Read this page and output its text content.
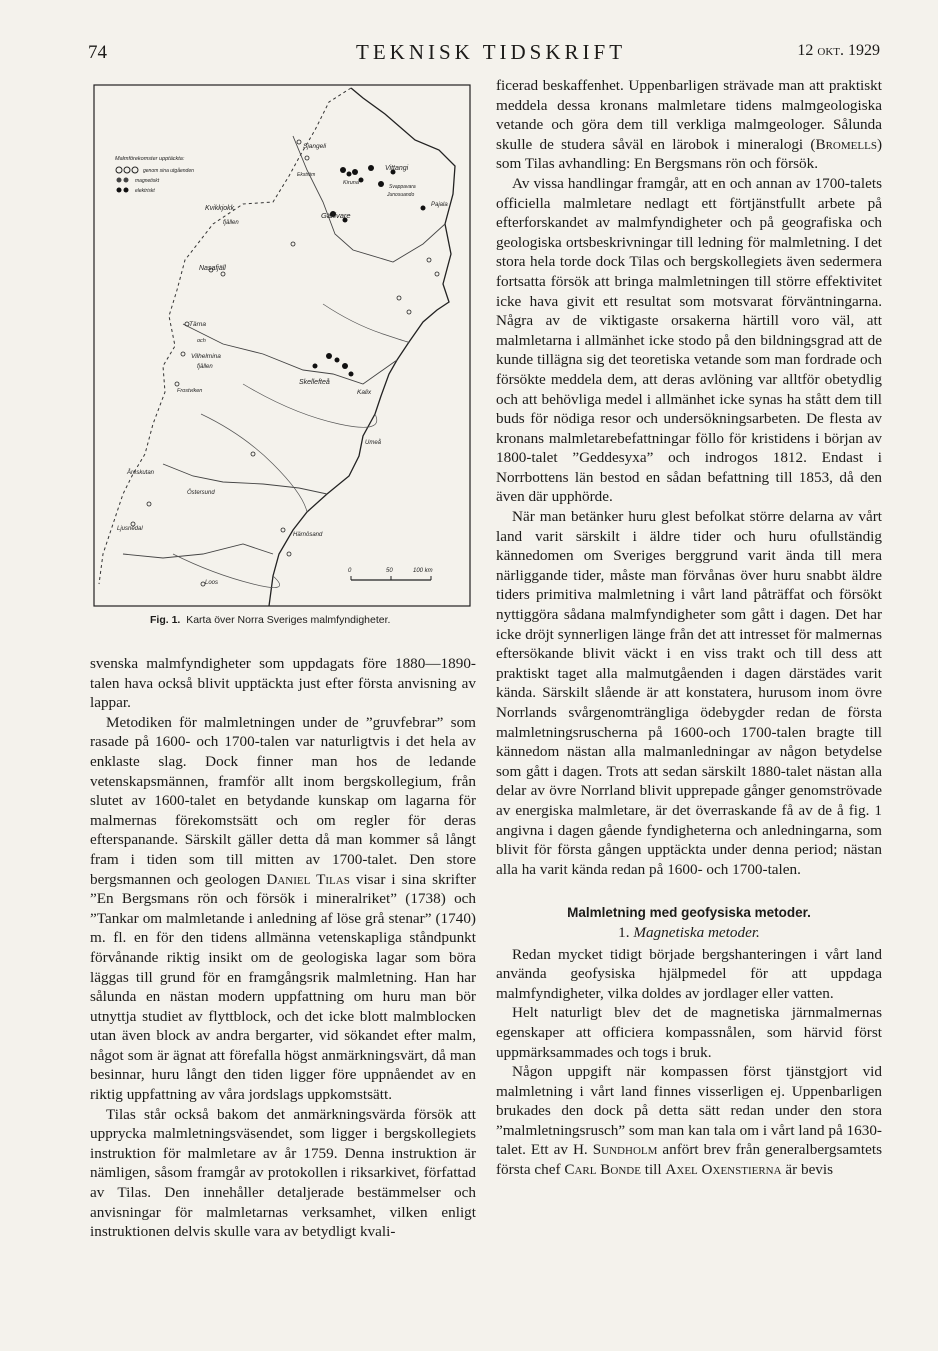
74	TEKNISK TIDSKRIFT	12 okt. 1929
Malmförekomster upptäckta:
genom sina utgåenden
magnetiskt
elektriskt
Sjangeli
Kiruna
Vittangi
Svappavara
Junosuando
Pajala
Ekström
Gällivare
Kvikkjokk
fjällen
Nasafjäll
Tärna
och
Vilhelmina
fjällen
Frostviken
Skellefteå
Kalix
Umeå
Åreskutan
Östersund
Ljusnedal
Härnösand
Loos
0	50	100 km
Fig. 1. Karta över Norra Sveriges malmfyndigheter.

svenska malmfyndigheter som uppdagats före 1880—1890-talen hava också blivit upptäckta just efter första anvisning av lappar.

Metodiken för malmletningen under de ”gruvfebrar” som rasade på 1600- och 1700-talen var naturligtvis i det hela av enklaste slag. Dock finner man hos de ledande vetenskapsmännen, framför allt inom bergskollegium, från slutet av 1600-talet en betydande kunskap om lagarna för malmernas förekomstsätt och om regler för deras efterspanande. Särskilt gäller detta då man kommer så långt fram i tiden som till mitten av 1700-talet. Den store bergsmannen och geologen Daniel Tilas visar i sina skrifter ”En Bergsmans rön och försök i mineralriket” (1738) och ”Tankar om malmletande i anledning af löse grå stenar” (1740) m. fl. en för den tidens allmänna vetenskapliga ståndpunkt förvånande riktig insikt om de geologiska lagar som böra läggas till grund för en framgångsrik malmletning. Han har sålunda en nästan modern uppfattning om huru man bör utnyttja studiet av flyttblock, och det icke blott malmblocken utan även block av andra bergarter, vid sökandet efter malm, något som är ägnat att förefalla högst anmärkningsvärt, då man besinnar, huru långt den tiden ligger före uppnåendet av en riktig uppfattning av våra jordslags uppkomstsätt.

Tilas står också bakom det anmärkningsvärda försök att upprycka malmletningsväsendet, som ligger i bergskollegiets instruktion för malmletare av år 1759. Denna instruktion är nämligen, såsom framgår av protokollen i riksarkivet, författad av Tilas. Den innehåller detaljerade bestämmelser och anvisningar för malmletarnas verksamhet, vilken enligt instruktionen delvis skulle vara av betydligt kvali-

ficerad beskaffenhet. Uppenbarligen strävade man att praktiskt meddela dessa kronans malmletare tidens malmgeologiska vetande och göra dem till verkliga malmgeologer. Sålunda skulle de studera såväl en lärobok i mineralogi (Bromells) som Tilas avhandling: En Bergsmans rön och försök.

Av vissa handlingar framgår, att en och annan av 1700-talets officiella malmletare nedlagt ett förtjänstfullt arbete på efterforskandet av malmfyndigheter och på geografiska och geologiska ortsbeskrivningar till ledning för malmletning. I det stora hela torde dock Tilas och bergskollegiets även sedermera fortsatta försök att bringa malmletningen till större effektivitet icke hava givit ett resultat som motsvarat förväntningarna. Några av de viktigaste orsakerna härtill voro väl, att malmletarna i allmänhet icke stodo på den bildningsgrad att de kunde tillägna sig det teoretiska vetande som man fordrade och försökte meddela dem, att deras avlöning var alltför obetydlig och att behövliga medel i allmänhet icke synas ha stått dem till buds för nödiga resor och undersökningsarbeten. De flesta av kronans malmletarebefattningar föllo för kristidens i början av 1800-talet ”Geddesyxa” och indrogos 1812. Endast i Norrbottens län bestod en sådan befattning till 1853, då den även där upphörde.

När man betänker huru glest befolkat större delarna av vårt land varit särskilt i äldre tider och huru ofullständig kännedomen om Sveriges berggrund varit ända till mera närliggande tider, måste man förvånas över huru snabbt äldre tiders primitiva malmletning i vårt land påträffat och försökt nyttiggöra sådana malmfyndigheter som gått i dagen. Det har icke dröjt synnerligen länge från det att intresset för malmernas eftersökande blivit väckt i en viss trakt och till dess att praktiskt taget alla malmutgåenden i dagen därstädes varit kända. Särskilt slående är att konstatera, hurusom inom övre Norrlands svårgenomträngliga ödebygder redan de första malmletningsruscherna på 1600-och 1700-talen bragte till kännedom nästan alla malmanledningar av någon betydelse som gått i dagen. Trots att sedan särskilt 1880-talet nästan alla delar av övre Norrland blivit upprepade gånger genomströvade av energiska malmletare, är det överraskande få av de å fig. 1 angivna i dagen gående fyndigheterna och anledningarna, som blivit för första gången upptäckta under denna period; nästan alla ha varit kända redan på 1600- och 1700-talen.

Malmletning med geofysiska metoder.

1. Magnetiska metoder.

Redan mycket tidigt började bergshanteringen i vårt land använda geofysiska hjälpmedel för att uppdaga malmfyndigheter, vilka doldes av jordlager eller vatten.

Helt naturligt blev det de magnetiska järnmalmernas egenskaper att officiera kompassnålen, som härvid först uppmärksammades och togs i bruk.

Någon uppgift när kompassen först tjänstgjort vid malmletning i vårt land finnes visserligen ej. Uppenbarligen brukades den dock på detta sätt redan under den stora ”malmletningsrusch” som man kan tala om i vårt land på 1630-talet. Ett av H. Sundholm anfört brev från generalbergsamtets första chef Carl Bonde till Axel Oxenstierna är bevis
